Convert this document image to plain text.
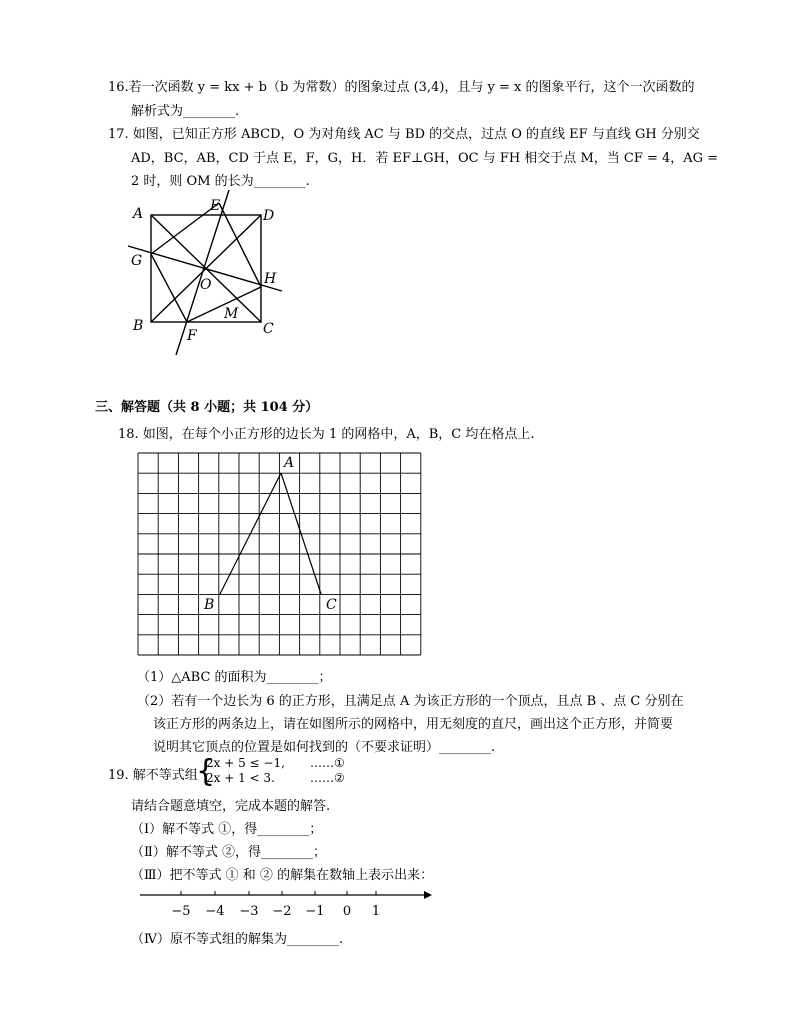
16.若一次函数 y = kx + b（b 为常数）的图象过点 (3,4)，且与 y = x 的图象平行，这个一次函数的
解析式为________.
17. 如图，已知正方形 ABCD，O 为对角线 AC 与 BD 的交点，过点 O 的直线 EF 与直线 GH 分别交
AD，BC，AB，CD 于点 E，F，G，H．若 EF⊥GH，OC 与 FH 相交于点 M，当 CF = 4，AG =
2 时，则 OM 的长为________.
A	E
D
G
O	H
M
B
F	C
三、解答题（共 8 小题；共 104 分）
18. 如图，在每个小正方形的边长为 1 的网格中，A，B，C 均在格点上.
A
B	C
（1）△ABC 的面积为________；
（2）若有一个边长为 6 的正方形，且满足点 A 为该正方形的一个顶点，且点 B 、点 C 分别在
该正方形的两条边上，请在如图所示的网格中，用无刻度的直尺，画出这个正方形，并简要
说明其它顶点的位置是如何找到的（不要求证明）________.
19. 解不等式组
{
2x + 5 ≤ −1,
2x + 1 < 3.
……①
……②
请结合题意填空，完成本题的解答.
（Ⅰ）解不等式 ①，得________；
（Ⅱ）解不等式 ②，得________；
（Ⅲ）把不等式 ① 和 ② 的解集在数轴上表示出来：
−5 −4 −3 −2 −1 0 1
（Ⅳ）原不等式组的解集为________.
